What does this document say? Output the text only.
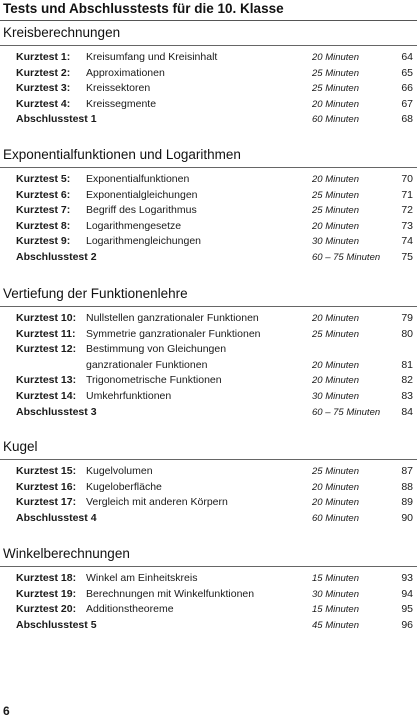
Tests und Abschlusstests für die 10. Klasse
Kreisberechnungen
Kurztest 1: Kreisumfang und Kreisinhalt	20 Minuten	64
Kurztest 2: Approximationen	25 Minuten	65
Kurztest 3: Kreissektoren	25 Minuten	66
Kurztest 4: Kreissegmente	20 Minuten	67
Abschlusstest 1	60 Minuten	68
Exponentialfunktionen und Logarithmen
Kurztest 5: Exponentialfunktionen	20 Minuten	70
Kurztest 6: Exponentialgleichungen	25 Minuten	71
Kurztest 7: Begriff des Logarithmus	25 Minuten	72
Kurztest 8: Logarithmengesetze	20 Minuten	73
Kurztest 9: Logarithmengleichungen	30 Minuten	74
Abschlusstest 2	60 – 75 Minuten 75
Vertiefung der Funktionenlehre
Kurztest 10: Nullstellen ganzrationaler Funktionen	20 Minuten	79
Kurztest 11: Symmetrie ganzrationaler Funktionen	25 Minuten	80
Kurztest 12: Bestimmung von Gleichungen
ganzrationaler Funktionen	20 Minuten	81
Kurztest 13: Trigonometrische Funktionen	20 Minuten	82
Kurztest 14: Umkehrfunktionen	30 Minuten	83
Abschlusstest 3	60 – 75 Minuten 84
Kugel
Kurztest 15: Kugelvolumen	25 Minuten	87
Kurztest 16: Kugeloberfläche	20 Minuten	88
Kurztest 17: Vergleich mit anderen Körpern	20 Minuten	89
Abschlusstest 4	60 Minuten	90
Winkelberechnungen
Kurztest 18: Winkel am Einheitskreis	15 Minuten	93
Kurztest 19: Berechnungen mit Winkelfunktionen	30 Minuten	94
Kurztest 20: Additionstheoreme	15 Minuten	95
Abschlusstest 5	45 Minuten	96
6
